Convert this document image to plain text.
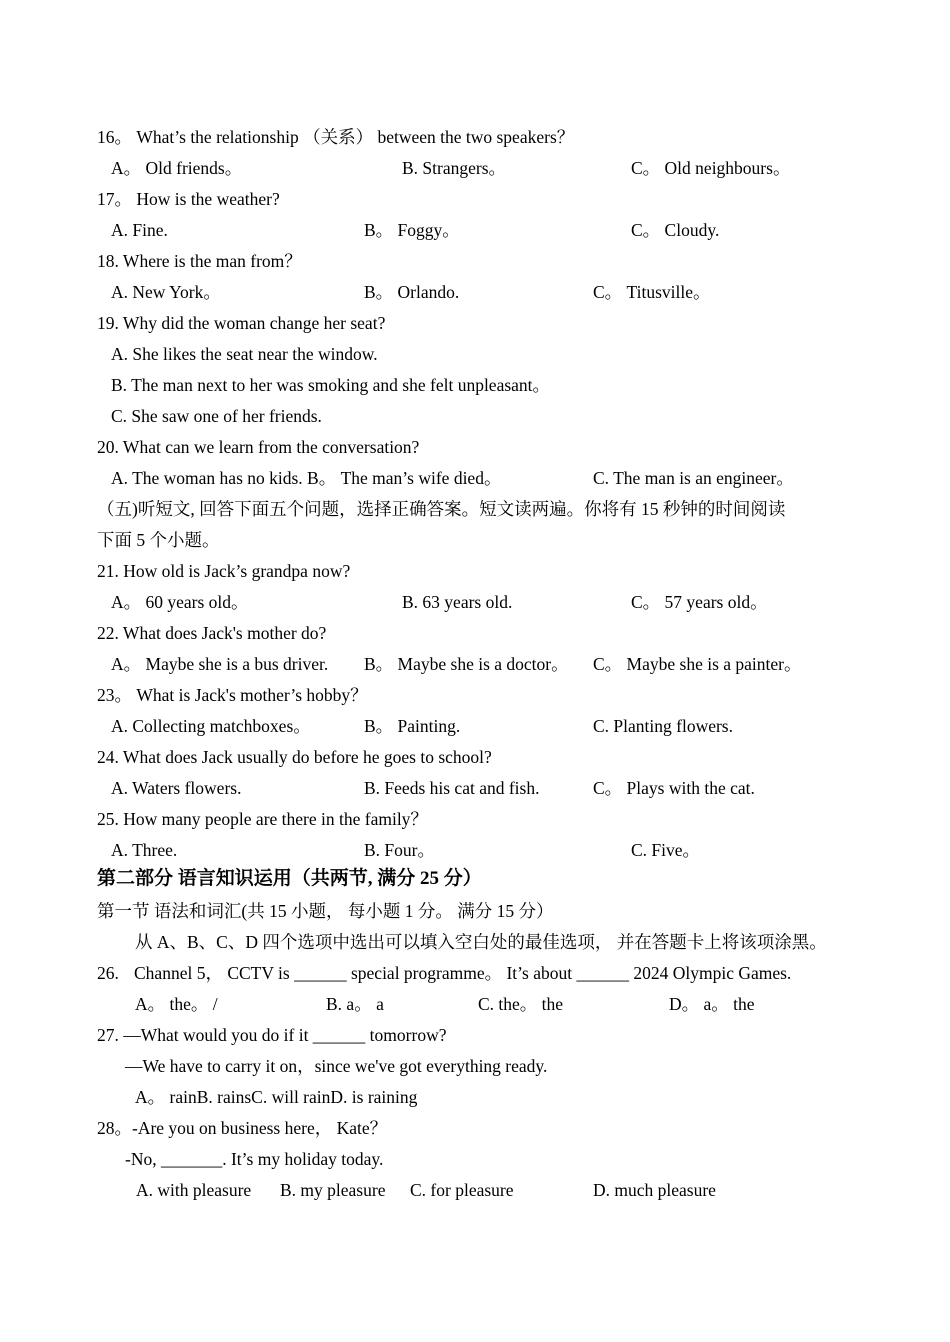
16。 What’s the relationship （关系） between the two speakers？
A。 Old friends。	B. Strangers。	C。 Old neighbours。
17。 How is the weather?
A. Fine.	B。 Foggy。	C。 Cloudy.
18. Where is the man from？
A. New York。	B。 Orlando.	C。 Titusville。
19. Why did the woman change her seat?
A. She likes the seat near the window.
B. The man next to her was smoking and she felt unpleasant。
C. She saw one of her friends.
20. What can we learn from the conversation?
A. The woman has no kids. B。 The man’s wife died。	C. The man is an engineer。
（五)听短文, 回答下面五个问题，选择正确答案。短文读两遍。你将有 15 秒钟的时间阅读
下面 5 个小题。
21. How old is Jack’s grandpa now?
A。 60 years old。	B. 63 years old.	C。 57 years old。
22. What does Jack's mother do?
A。 Maybe she is a bus driver. B。 Maybe she is a doctor。 C。 Maybe she is a painter。
23。 What is Jack's mother’s hobby？
A. Collecting matchboxes。	B。 Painting.	C. Planting flowers.
24. What does Jack usually do before he goes to school?
A. Waters flowers.	B. Feeds his cat and fish.	C。 Plays with the cat.
25. How many people are there in the family？
A. Three.	B. Four。	C. Five。
第二部分 语言知识运用（共两节, 满分 25 分）
第一节 语法和词汇(共 15 小题， 每小题 1 分。 满分 15 分）
从 A、B、C、D 四个选项中选出可以填入空白处的最佳选项， 并在答题卡上将该项涂黑。
26. Channel 5， CCTV is ______ special programme。 It’s about ______ 2024 Olympic Games.
A。 the。 /	B. a。 a	C. the。 the	D。 a。 the
27. —What would you do if it ______ tomorrow?
—We have to carry it on，since we've got everything ready.
A。 rainB. rainsC. will rainD. is raining
28。-Are you on business here， Kate？
-No, _______. It’s my holiday today.
A. with pleasure B. my pleasure C. for pleasure	D. much pleasure
